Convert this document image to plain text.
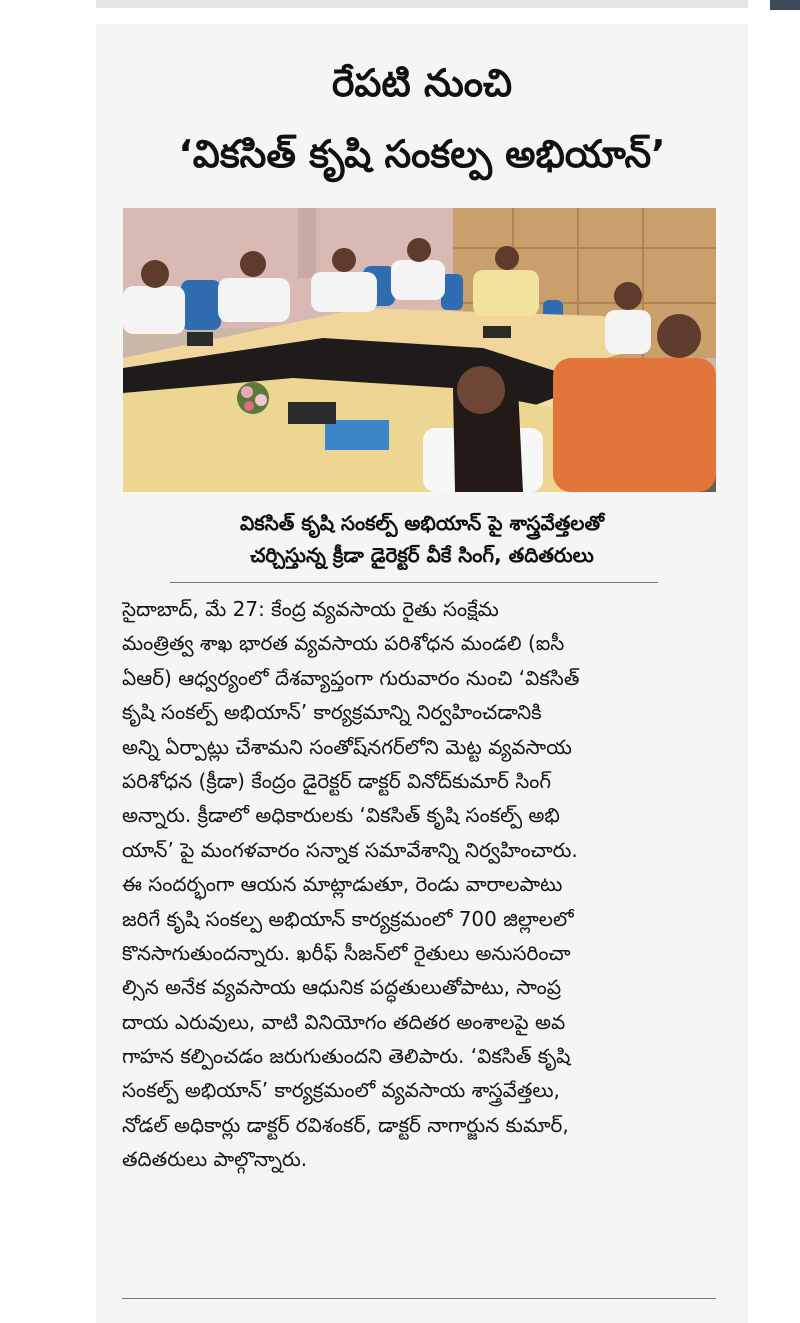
రేపటి నుంచి
‘వికసిత్ కృషి సంకల్ప అభియాన్’
వికసిత్ కృషి సంకల్ప్ అభియాన్ పై శాస్త్రవేత్తలతో
చర్చిస్తున్న క్రీడా డైరెక్టర్ వీకే సింగ్, తదితరులు
సైదాబాద్, మే 27: కేంద్ర వ్యవసాయ రైతు సంక్షేమ
మంత్రిత్వ శాఖ భారత వ్యవసాయ పరిశోధన మండలి (ఐసీ
ఏఆర్) ఆధ్వర్యంలో దేశవ్యాప్తంగా గురువారం నుంచి ‘వికసిత్
కృషి సంకల్ప్ అభియాన్’ కార్యక్రమాన్ని నిర్వహించడానికి
అన్ని ఏర్పాట్లు చేశామని సంతోష్‌నగర్‌లోని మెట్ట వ్యవసాయ
పరిశోధన (క్రీడా) కేంద్రం డైరెక్టర్ డాక్టర్ వినోద్‌కుమార్ సింగ్
అన్నారు. క్రీడాలో అధికారులకు ‘వికసిత్ కృషి సంకల్ప్ అభి
యాన్’ పై మంగళవారం సన్నాక సమావేశాన్ని నిర్వహించారు.
ఈ సందర్భంగా ఆయన మాట్లాడుతూ, రెండు వారాలపాటు
జరిగే కృషి సంకల్ప అభియాన్ కార్యక్రమంలో 700 జిల్లాలలో
కొనసాగుతుందన్నారు. ఖరీఫ్ సీజన్‌లో రైతులు అనుసరించా
ల్సిన అనేక వ్యవసాయ ఆధునిక పద్ధతులుతోపాటు, సాంప్ర
దాయ ఎరువులు, వాటి వినియోగం తదితర అంశాలపై అవ
గాహన కల్పించడం జరుగుతుందని తెలిపారు. ‘వికసిత్ కృషి
సంకల్ప్ అభియాన్’ కార్యక్రమంలో వ్యవసాయ శాస్త్రవేత్తలు,
నోడల్ అధికార్లు డాక్టర్ రవిశంకర్, డాక్టర్ నాగార్జున కుమార్,
తదితరులు పాల్గొన్నారు.
